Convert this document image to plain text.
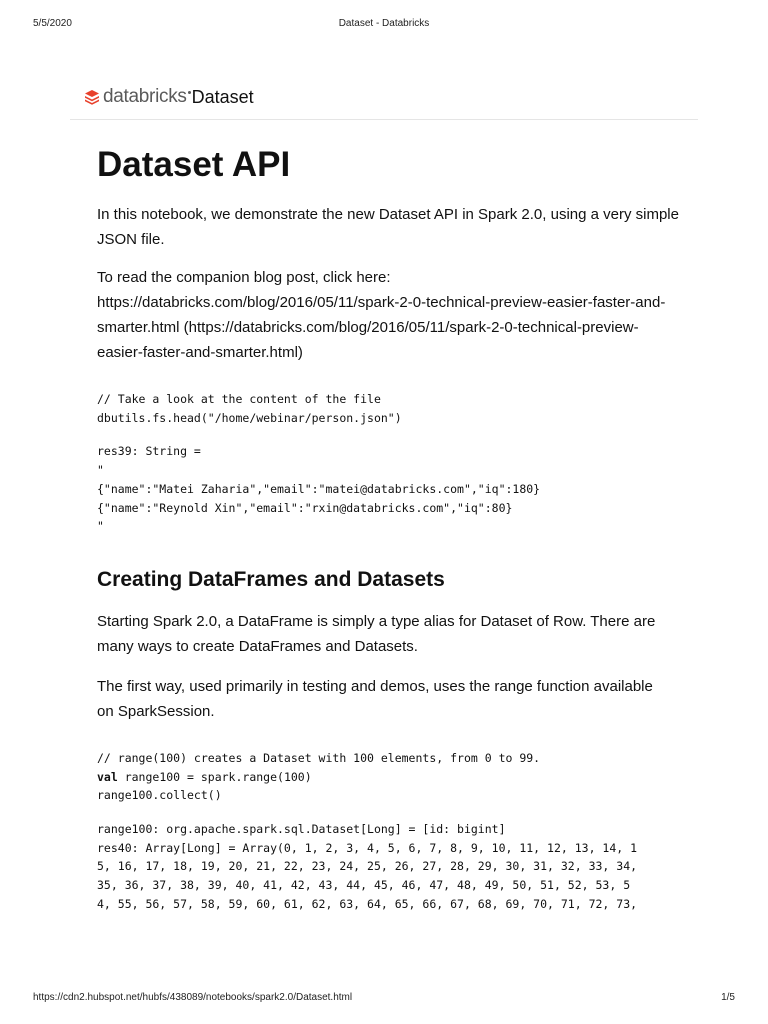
5/5/2020	Dataset - Databricks
databricks Dataset
Dataset API

In this notebook, we demonstrate the new Dataset API in Spark 2.0, using a very simple JSON file.

To read the companion blog post, click here:

https://databricks.com/blog/2016/05/11/spark-2-0-technical-preview-easier-faster-and-

smarter.html (https://databricks.com/blog/2016/05/11/spark-2-0-technical-preview-

easier-faster-and-smarter.html)

// Take a look at the content of the file
dbutils.fs.head("/home/webinar/person.json")
res39: String =
"
{"name":"Matei Zaharia","email":"matei@databricks.com","iq":180}
{"name":"Reynold Xin","email":"rxin@databricks.com","iq":80}
"
Creating DataFrames and Datasets

Starting Spark 2.0, a DataFrame is simply a type alias for Dataset of Row. There are

many ways to create DataFrames and Datasets.

The first way, used primarily in testing and demos, uses the range function available

on SparkSession.

// range(100) creates a Dataset with 100 elements, from 0 to 99.
val range100 = spark.range(100)
range100.collect()
range100: org.apache.spark.sql.Dataset[Long] = [id: bigint]
res40: Array[Long] = Array(0, 1, 2, 3, 4, 5, 6, 7, 8, 9, 10, 11, 12, 13, 14, 1
5, 16, 17, 18, 19, 20, 21, 22, 23, 24, 25, 26, 27, 28, 29, 30, 31, 32, 33, 34,
35, 36, 37, 38, 39, 40, 41, 42, 43, 44, 45, 46, 47, 48, 49, 50, 51, 52, 53, 5
4, 55, 56, 57, 58, 59, 60, 61, 62, 63, 64, 65, 66, 67, 68, 69, 70, 71, 72, 73,
https://cdn2.hubspot.net/hubfs/438089/notebooks/spark2.0/Dataset.html	1/5
